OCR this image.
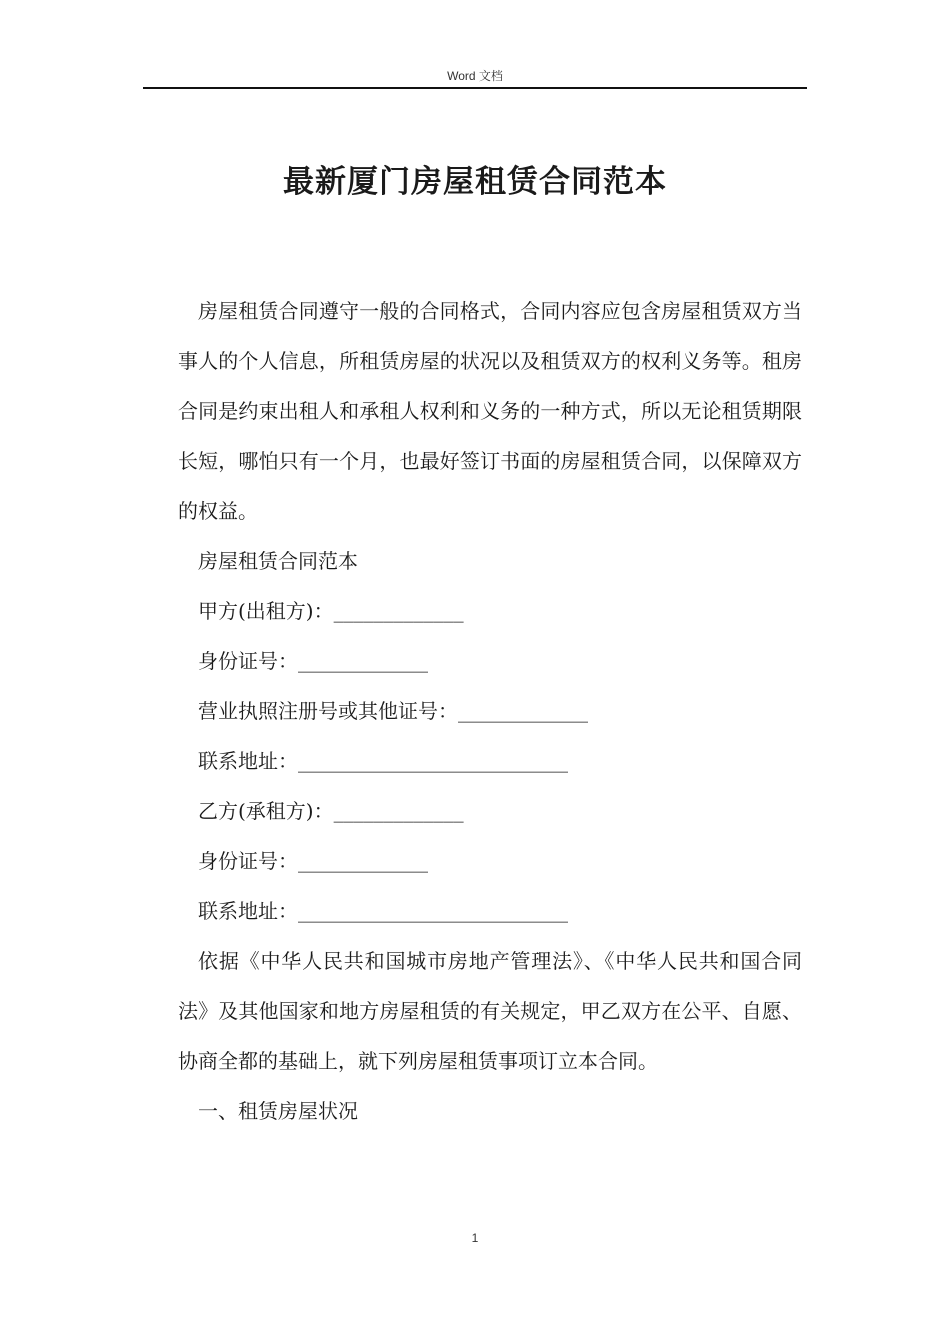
Word 文档
最新厦门房屋租赁合同范本

房屋租赁合同遵守一般的合同格式，合同内容应包含房屋租赁双方当事人的个人信息，所租赁房屋的状况以及租赁双方的权利义务等。租房合同是约束出租人和承租人权利和义务的一种方式，所以无论租赁期限长短，哪怕只有一个月，也最好签订书面的房屋租赁合同，以保障双方的权益。

房屋租赁合同范本

甲方(出租方)：_____________

身份证号：_____________

营业执照注册号或其他证号：_____________

联系地址：___________________________

乙方(承租方)：_____________

身份证号：_____________

联系地址：___________________________

依据《中华人民共和国城市房地产管理法》、《中华人民共和国合同法》及其他国家和地方房屋租赁的有关规定，甲乙双方在公平、自愿、协商全都的基础上，就下列房屋租赁事项订立本合同。

一、租赁房屋状况

1
